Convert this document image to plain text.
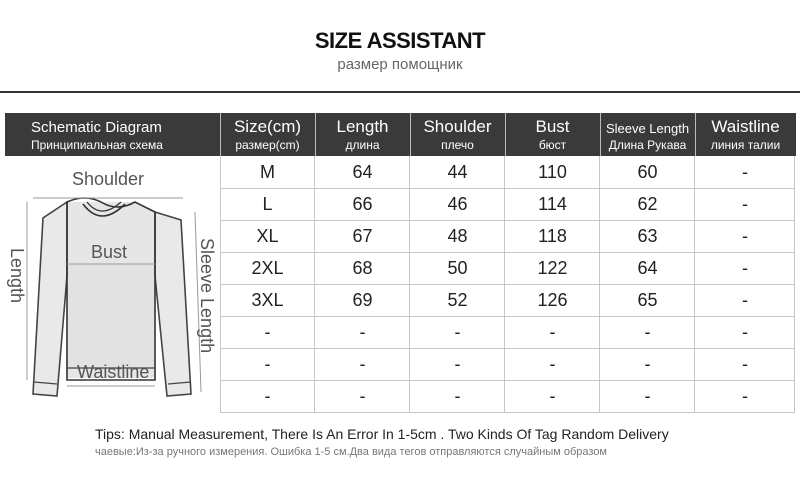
SIZE ASSISTANT
размер помощник
Schematic Diagram
Принципиальная схема
Size(cm)
размер(cm)
Length
длина
Shoulder
плечо
Bust
бюст
Sleeve Length
Длина Рукава
Waistline
линия талии
Shoulder
Bust
Waistline
Length	Sleeve Length
M	64	44	110	60	-
L	66	46	114	62	-
XL	67	48	118	63	-
2XL	68	50	122	64	-
3XL	69	52	126	65	-
-	-	-	-	-	-
-	-	-	-	-	-
-	-	-	-	-	-
Tips: Manual Measurement, There Is An Error In 1-5cm . Two Kinds Of Tag Random Delivery
чаевые:Из-за ручного измерения. Ошибка 1-5 см.Два вида тегов отправляются случайным образом
